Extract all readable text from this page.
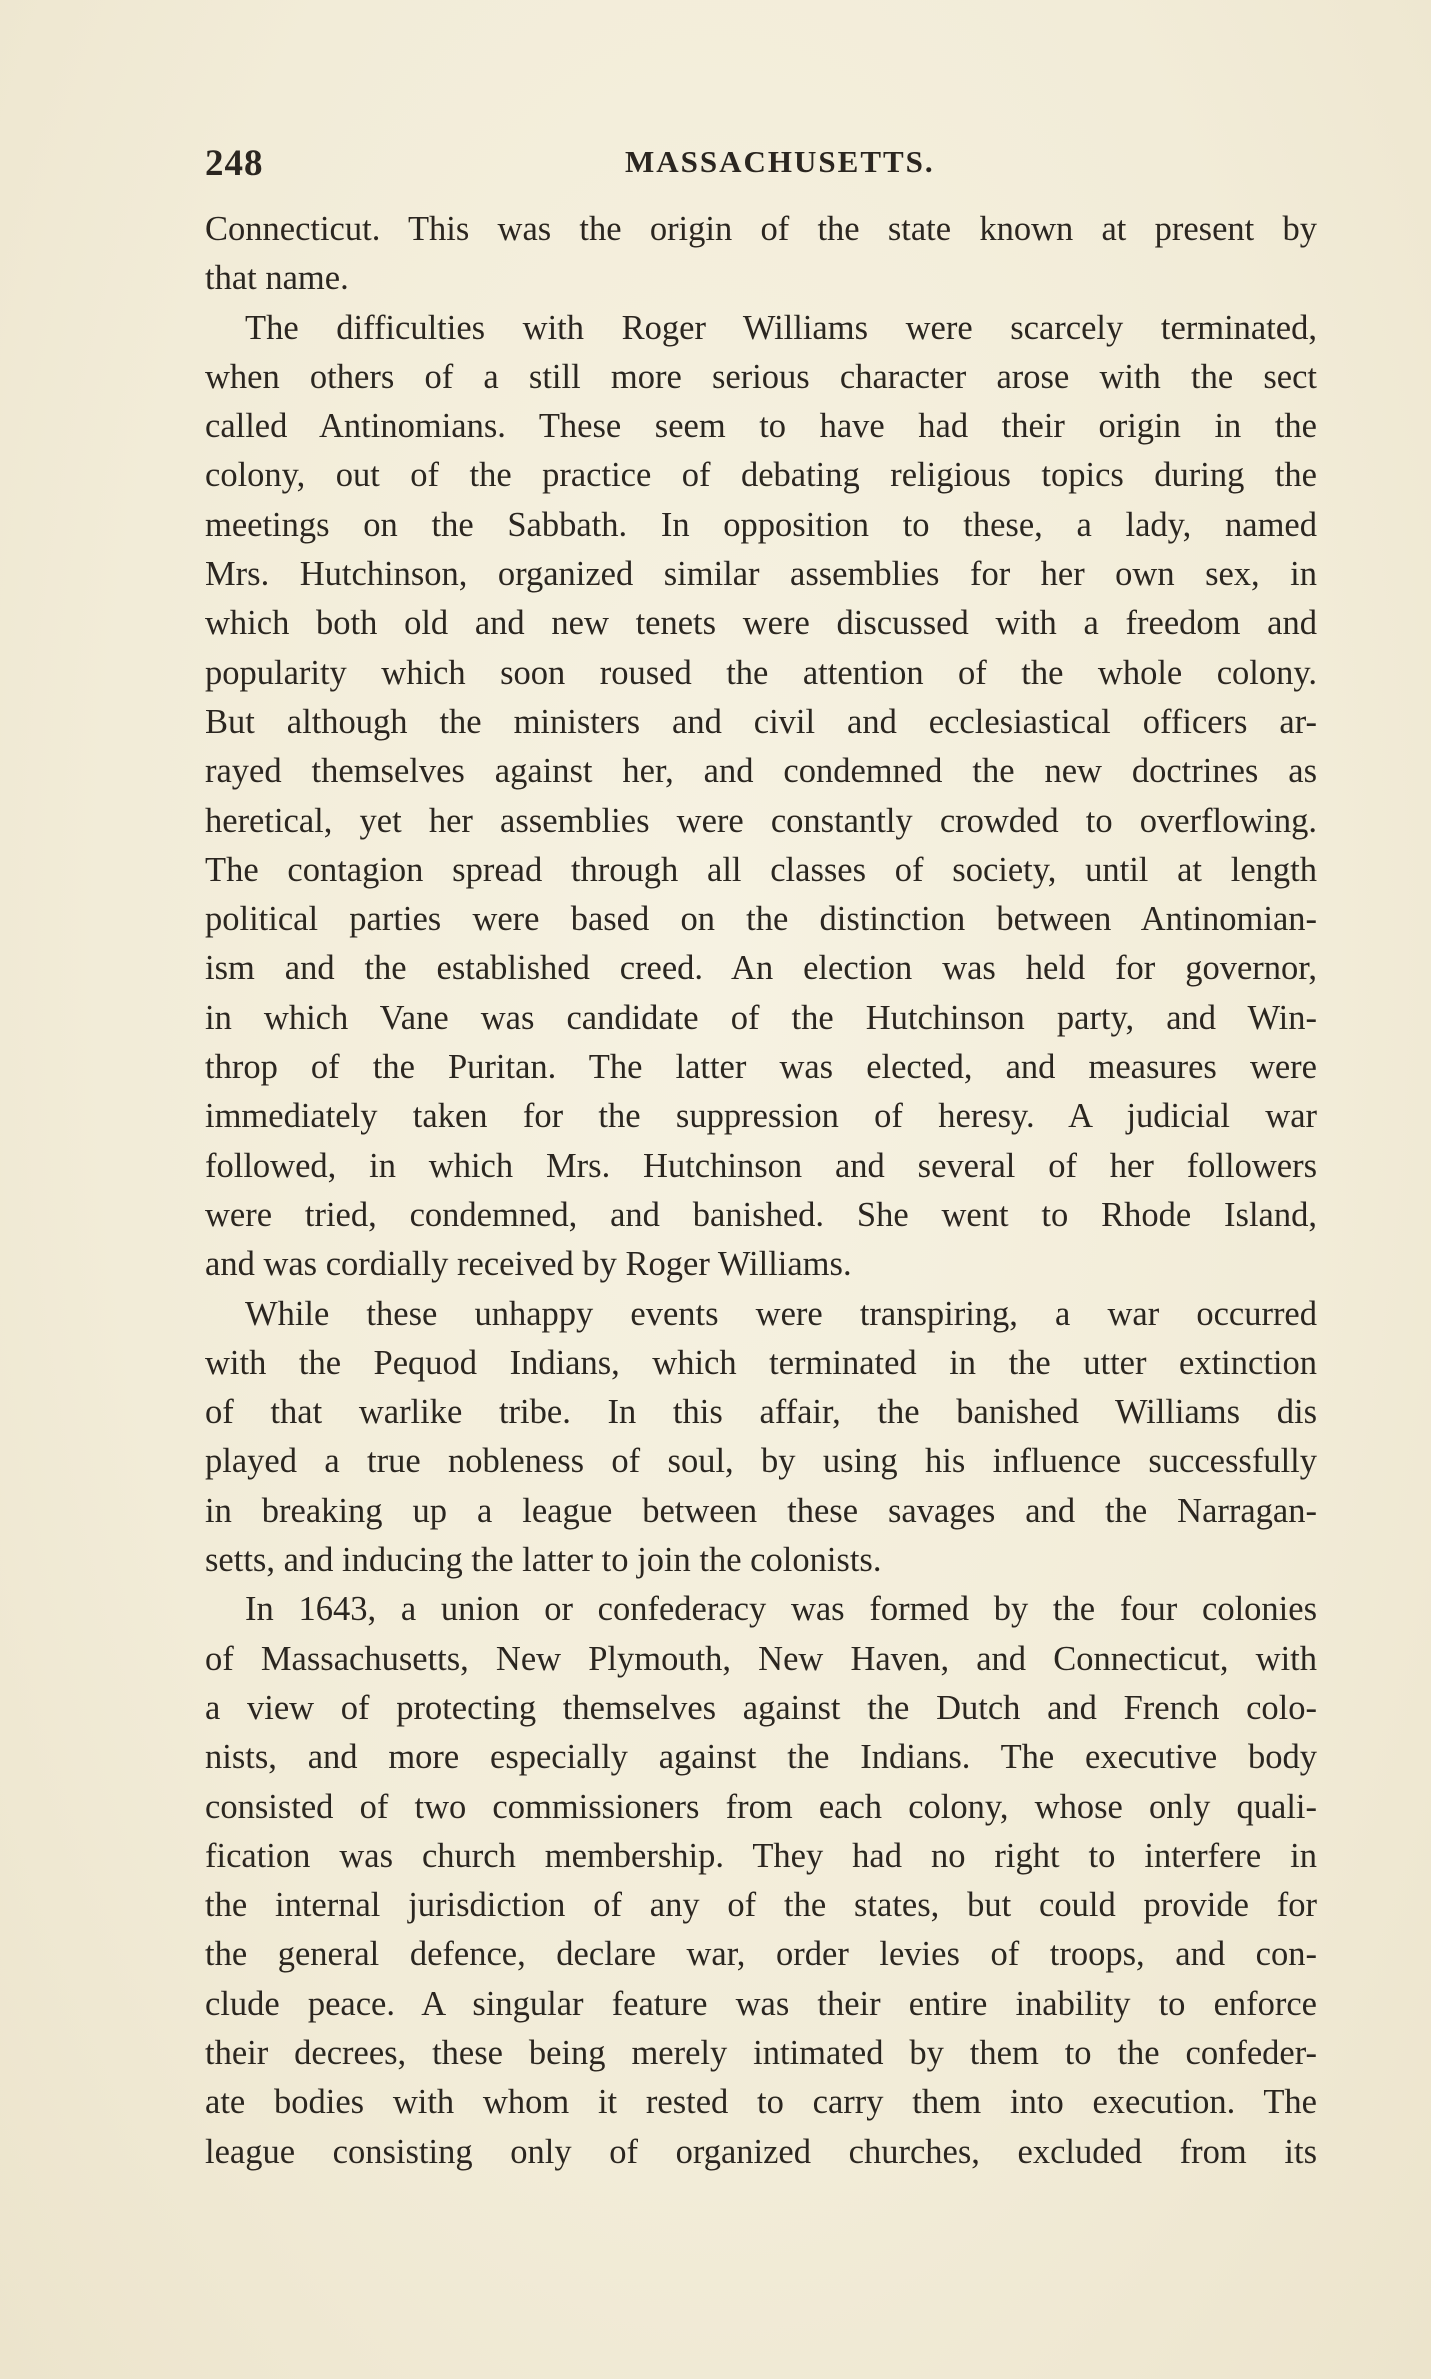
248	MASSACHUSETTS.
Connecticut. This was the origin of the state known at present by
that name.
The difficulties with Roger Williams were scarcely terminated,
when others of a still more serious character arose with the sect
called Antinomians. These seem to have had their origin in the
colony, out of the practice of debating religious topics during the
meetings on the Sabbath. In opposition to these, a lady, named
Mrs. Hutchinson, organized similar assemblies for her own sex, in
which both old and new tenets were discussed with a freedom and
popularity which soon roused the attention of the whole colony.
But although the ministers and civil and ecclesiastical officers ar-
rayed themselves against her, and condemned the new doctrines as
heretical, yet her assemblies were constantly crowded to overflowing.
The contagion spread through all classes of society, until at length
political parties were based on the distinction between Antinomian-
ism and the established creed. An election was held for governor,
in which Vane was candidate of the Hutchinson party, and Win-
throp of the Puritan. The latter was elected, and measures were
immediately taken for the suppression of heresy. A judicial war
followed, in which Mrs. Hutchinson and several of her followers
were tried, condemned, and banished. She went to Rhode Island,
and was cordially received by Roger Williams.
While these unhappy events were transpiring, a war occurred
with the Pequod Indians, which terminated in the utter extinction
of that warlike tribe. In this affair, the banished Williams dis
played a true nobleness of soul, by using his influence successfully
in breaking up a league between these savages and the Narragan-
setts, and inducing the latter to join the colonists.
In 1643, a union or confederacy was formed by the four colonies
of Massachusetts, New Plymouth, New Haven, and Connecticut, with
a view of protecting themselves against the Dutch and French colo-
nists, and more especially against the Indians. The executive body
consisted of two commissioners from each colony, whose only quali-
fication was church membership. They had no right to interfere in
the internal jurisdiction of any of the states, but could provide for
the general defence, declare war, order levies of troops, and con-
clude peace. A singular feature was their entire inability to enforce
their decrees, these being merely intimated by them to the confeder-
ate bodies with whom it rested to carry them into execution. The
league consisting only of organized churches, excluded from its
